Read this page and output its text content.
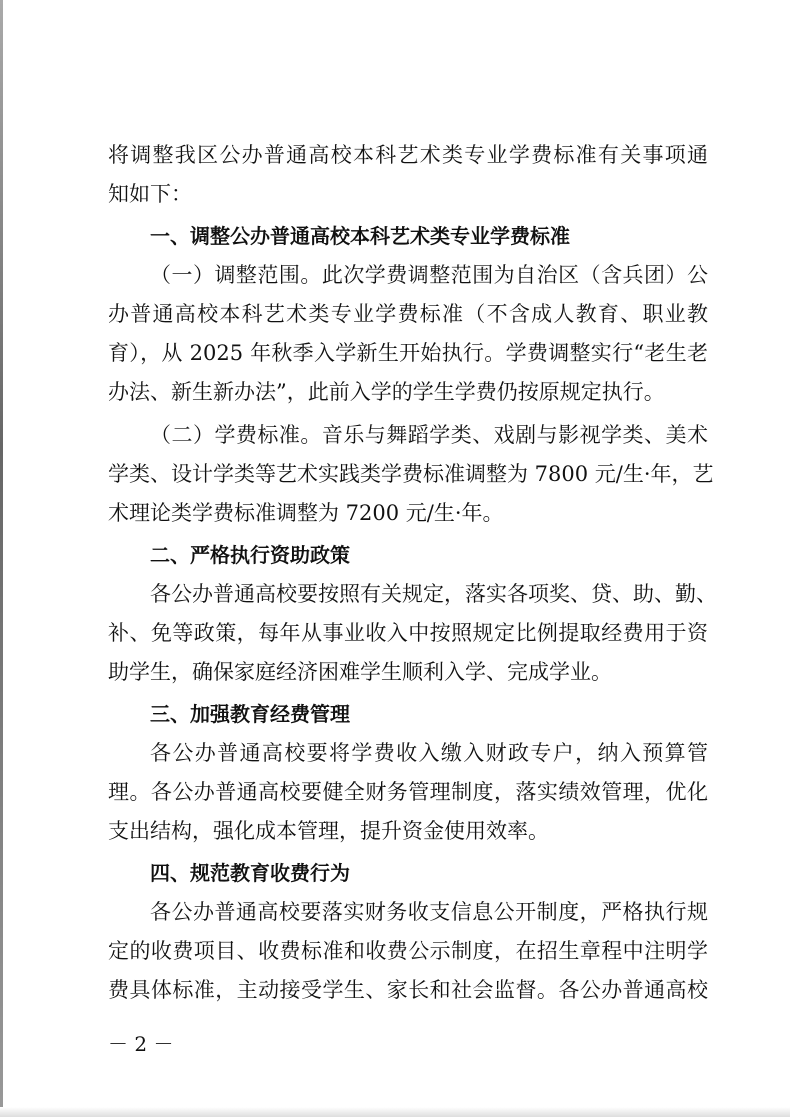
将调整我区公办普通高校本科艺术类专业学费标准有关事项通
知如下：
一、调整公办普通高校本科艺术类专业学费标准
（一）调整范围。此次学费调整范围为自治区（含兵团）公
办普通高校本科艺术类专业学费标准（不含成人教育、职业教
育），从 2025 年秋季入学新生开始执行。学费调整实行“老生老
办法、新生新办法”，此前入学的学生学费仍按原规定执行。
（二）学费标准。音乐与舞蹈学类、戏剧与影视学类、美术
学类、设计学类等艺术实践类学费标准调整为 7800 元/生·年，艺
术理论类学费标准调整为 7200 元/生·年。
二、严格执行资助政策
各公办普通高校要按照有关规定，落实各项奖、贷、助、勤、
补、免等政策，每年从事业收入中按照规定比例提取经费用于资
助学生，确保家庭经济困难学生顺利入学、完成学业。
三、加强教育经费管理
各公办普通高校要将学费收入缴入财政专户，纳入预算管
理。各公办普通高校要健全财务管理制度，落实绩效管理，优化
支出结构，强化成本管理，提升资金使用效率。
四、规范教育收费行为
各公办普通高校要落实财务收支信息公开制度，严格执行规
定的收费项目、收费标准和收费公示制度，在招生章程中注明学
费具体标准，主动接受学生、家长和社会监督。各公办普通高校
－ 2 －
